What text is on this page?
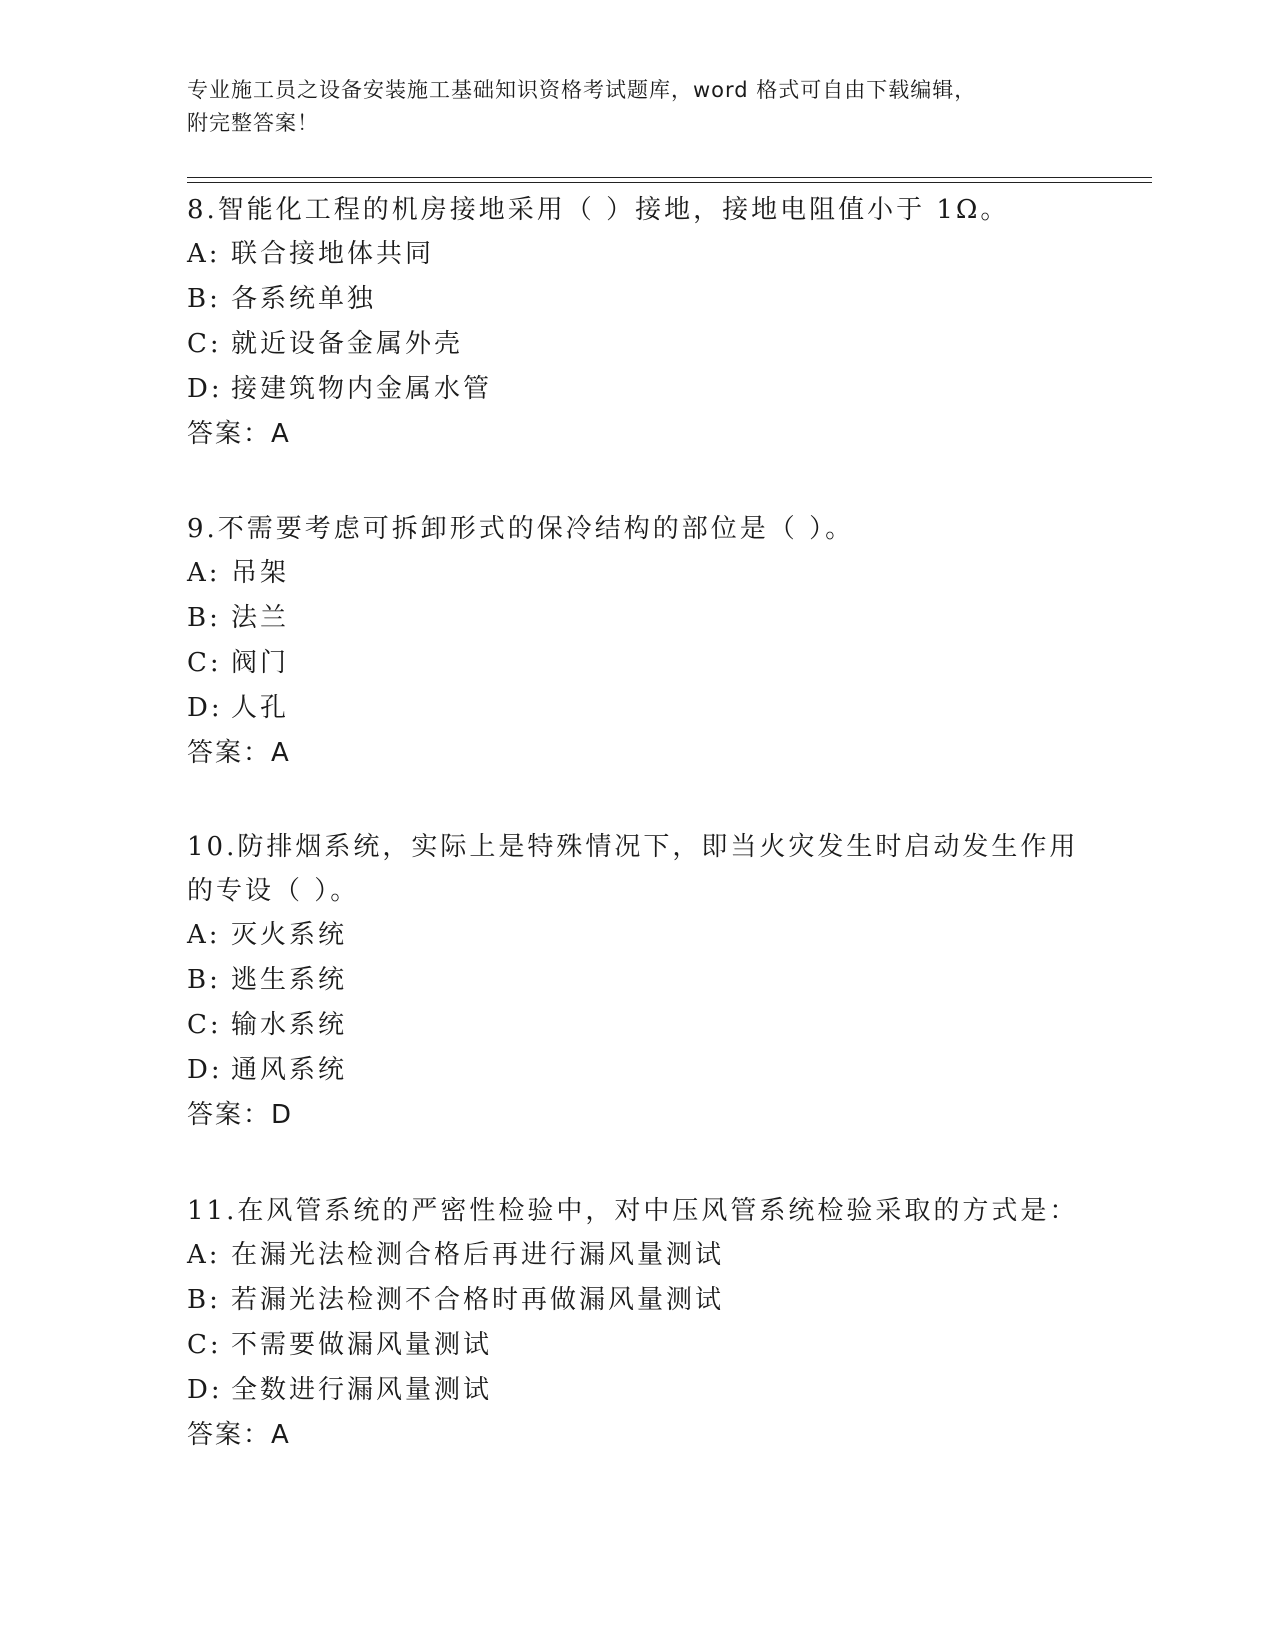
专业施工员之设备安装施工基础知识资格考试题库，word 格式可自由下载编辑，
附完整答案！
8.智能化工程的机房接地采用（ ）接地，接地电阻值小于 1Ω。
A: 联合接地体共同
B: 各系统单独
C: 就近设备金属外壳
D: 接建筑物内金属水管
答案：A
9.不需要考虑可拆卸形式的保冷结构的部位是（ ）。
A: 吊架
B: 法兰
C: 阀门
D: 人孔
答案：A
10.防排烟系统，实际上是特殊情况下，即当火灾发生时启动发生作用
的专设（ ）。
A: 灭火系统
B: 逃生系统
C: 输水系统
D: 通风系统
答案：D
11.在风管系统的严密性检验中，对中压风管系统检验采取的方式是：
A: 在漏光法检测合格后再进行漏风量测试
B: 若漏光法检测不合格时再做漏风量测试
C: 不需要做漏风量测试
D: 全数进行漏风量测试
答案：A
